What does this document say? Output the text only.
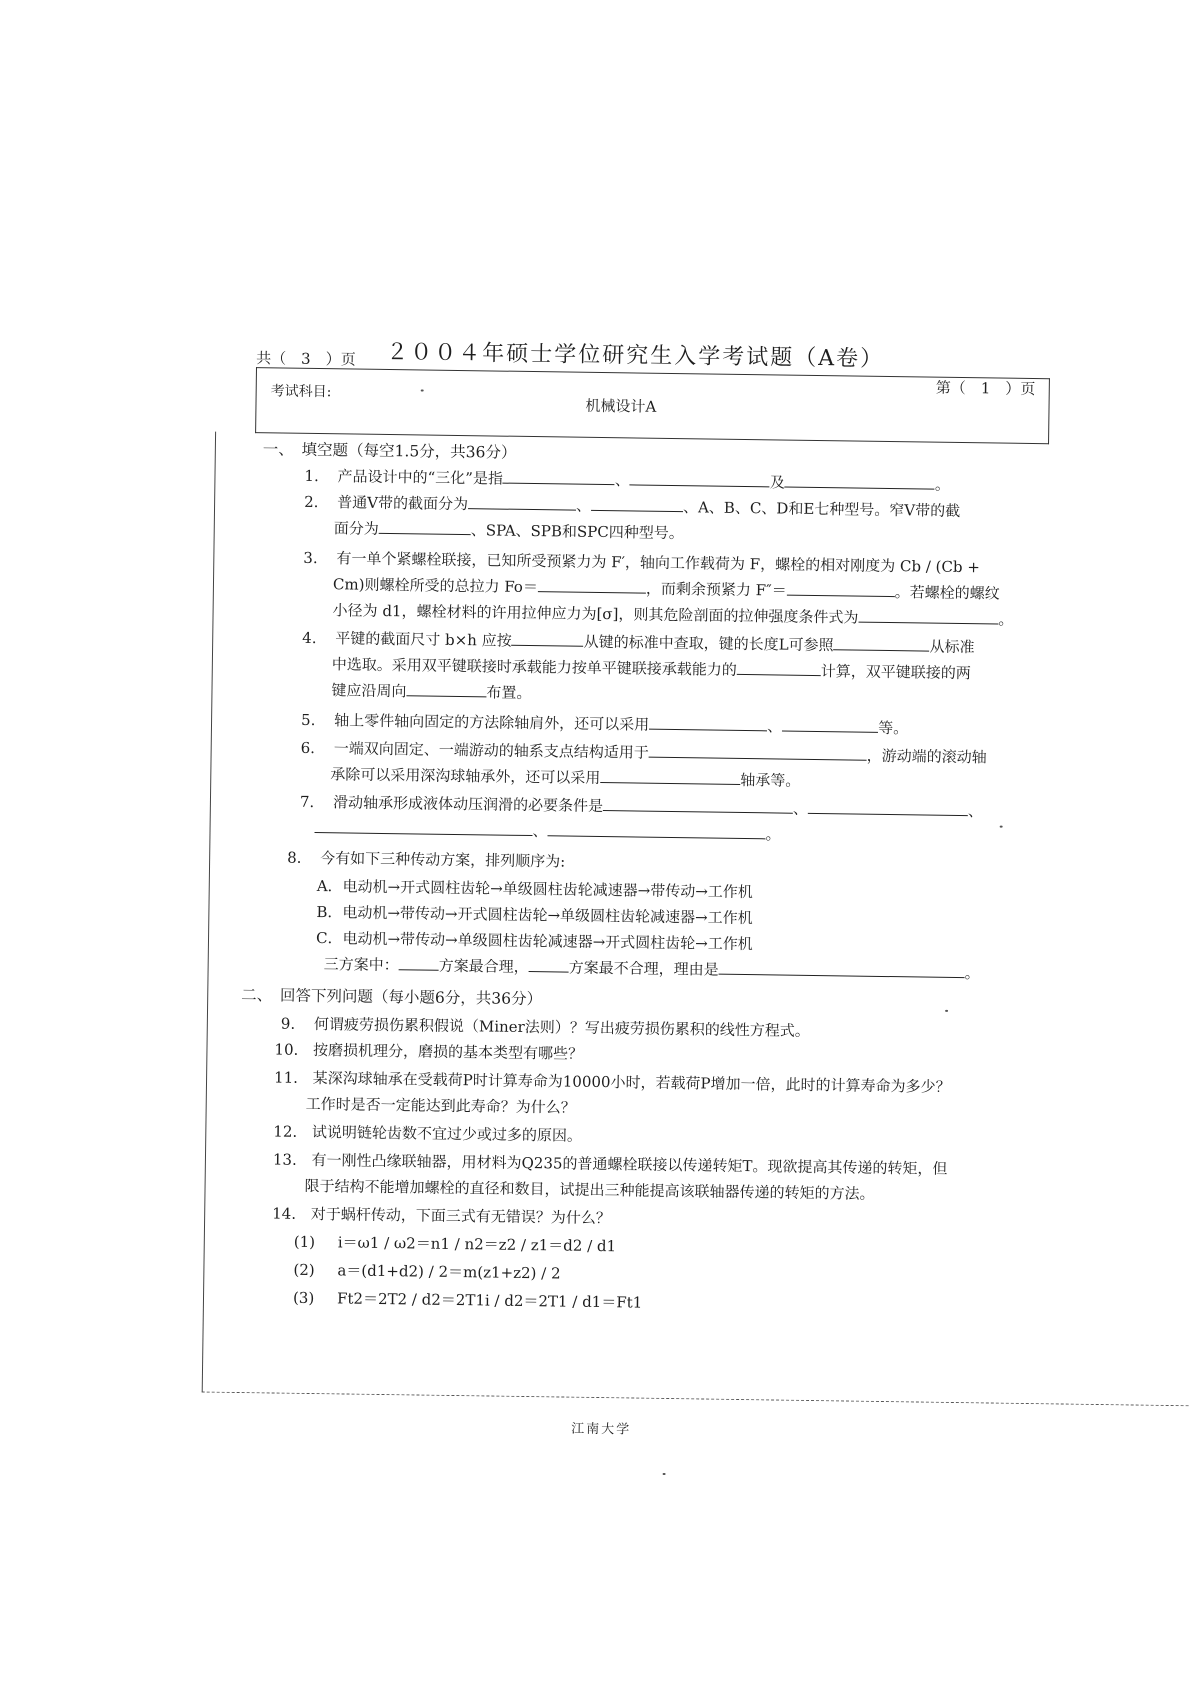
２００４年硕士学位研究生入学考试题（A卷）
共（　3　）页
第（　1　）页
考试科目:
机械设计A
一、　填空题（每空1.5分，共36分）
1. 产品设计中的“三化”是指	、	及	。
2. 普通V带的截面分为	、	、A、B、C、D和E七种型号。窄V带的截
面分为	、SPA、SPB和SPC四种型号。
3. 有一单个紧螺栓联接，已知所受预紧力为 F′，轴向工作载荷为 F，螺栓的相对刚度为 Cb / (Cb +
Cm)则螺栓所受的总拉力 Fo＝	，而剩余预紧力 F″＝	。若螺栓的螺纹
小径为 d1，螺栓材料的许用拉伸应力为[σ]，则其危险剖面的拉伸强度条件式为	。
4. 平键的截面尺寸 b×h 应按	从键的标准中查取，键的长度L可参照	从标准
中选取。采用双平键联接时承载能力按单平键联接承载能力的	计算，双平键联接的两
键应沿周向	布置。
5. 轴上零件轴向固定的方法除轴肩外，还可以采用	、	等。
6. 一端双向固定、一端游动的轴系支点结构适用于	，游动端的滚动轴
承除可以采用深沟球轴承外，还可以采用	轴承等。
7. 滑动轴承形成液体动压润滑的必要条件是	、	、
、	。
8. 今有如下三种传动方案，排列顺序为:
A．电动机→开式圆柱齿轮→单级圆柱齿轮减速器→带传动→工作机
B．电动机→带传动→开式圆柱齿轮→单级圆柱齿轮减速器→工作机
C．电动机→带传动→单级圆柱齿轮减速器→开式圆柱齿轮→工作机
三方案中：	方案最合理，	方案最不合理，理由是	。
二、　回答下列问题（每小题6分，共36分）
9. 何谓疲劳损伤累积假说（Miner法则）？写出疲劳损伤累积的线性方程式。
10. 按磨损机理分，磨损的基本类型有哪些？
11. 某深沟球轴承在受载荷P时计算寿命为10000小时，若载荷P增加一倍，此时的计算寿命为多少？
工作时是否一定能达到此寿命？为什么？
12. 试说明链轮齿数不宜过少或过多的原因。
13. 有一刚性凸缘联轴器，用材料为Q235的普通螺栓联接以传递转矩T。现欲提高其传递的转矩，但
限于结构不能增加螺栓的直径和数目，试提出三种能提高该联轴器传递的转矩的方法。
14. 对于蜗杆传动，下面三式有无错误？为什么？
(1) i＝ω1 / ω2＝n1 / n2＝z2 / z1＝d2 / d1
(2) a＝(d1+d2) / 2＝m(z1+z2) / 2
(3) Ft2＝2T2 / d2＝2T1i / d2＝2T1 / d1＝Ft1
江南大学
